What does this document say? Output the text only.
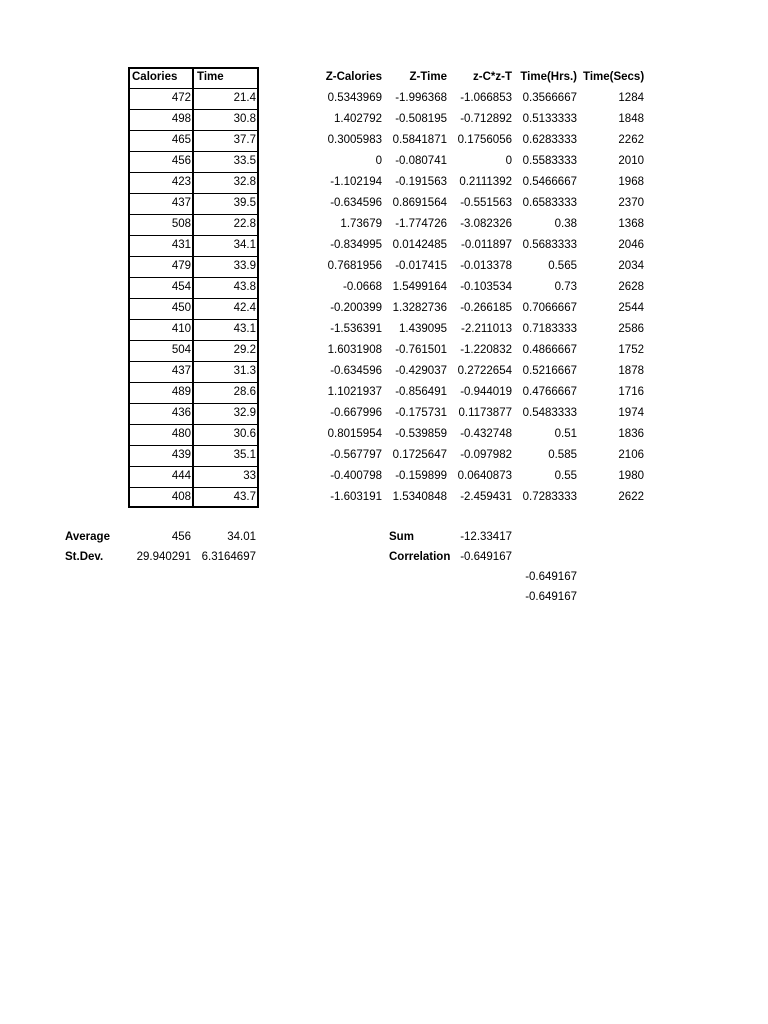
Calories	Time	Z-Calories	Z-Time	z-C*z-T Time(Hrs.) Time(Secs)
472	21.4	0.5343969	-1.996368	-1.066853 0.3566667	1284
498	30.8	1.402792	-0.508195	-0.712892 0.5133333	1848
465	37.7	0.3005983 0.5841871 0.1756056 0.6283333	2262
456	33.5	0	-0.080741	0 0.5583333	2010
423	32.8	-1.102194	-0.191563	0.2111392 0.5466667	1968
437	39.5	-0.634596 0.8691564	-0.551563 0.6583333	2370
508	22.8	1.73679	-1.774726	-3.082326	0.38	1368
431	34.1	-0.834995 0.0142485	-0.011897 0.5683333	2046
479	33.9	0.7681956	-0.017415	-0.013378	0.565	2034
454	43.8	-0.0668 1.5499164	-0.103534	0.73	2628
450	42.4	-0.200399 1.3282736	-0.266185 0.7066667	2544
410	43.1	-1.536391	1.439095	-2.211013 0.7183333	2586
504	29.2	1.6031908	-0.761501	-1.220832 0.4866667	1752
437	31.3	-0.634596	-0.429037 0.2722654 0.5216667	1878
489	28.6	1.1021937	-0.856491	-0.944019 0.4766667	1716
436	32.9	-0.667996	-0.175731 0.1173877 0.5483333	1974
480	30.6	0.8015954	-0.539859	-0.432748	0.51	1836
439	35.1	-0.567797 0.1725647	-0.097982	0.585	2106
444	33	-0.400798	-0.159899 0.0640873	0.55	1980
408	43.7	-1.603191 1.5340848	-2.459431 0.7283333	2622
Average	456	34.01
St.Dev.	29.940291 6.3164697
Sum	-12.33417
Correlation -0.649167
-0.649167
-0.649167
